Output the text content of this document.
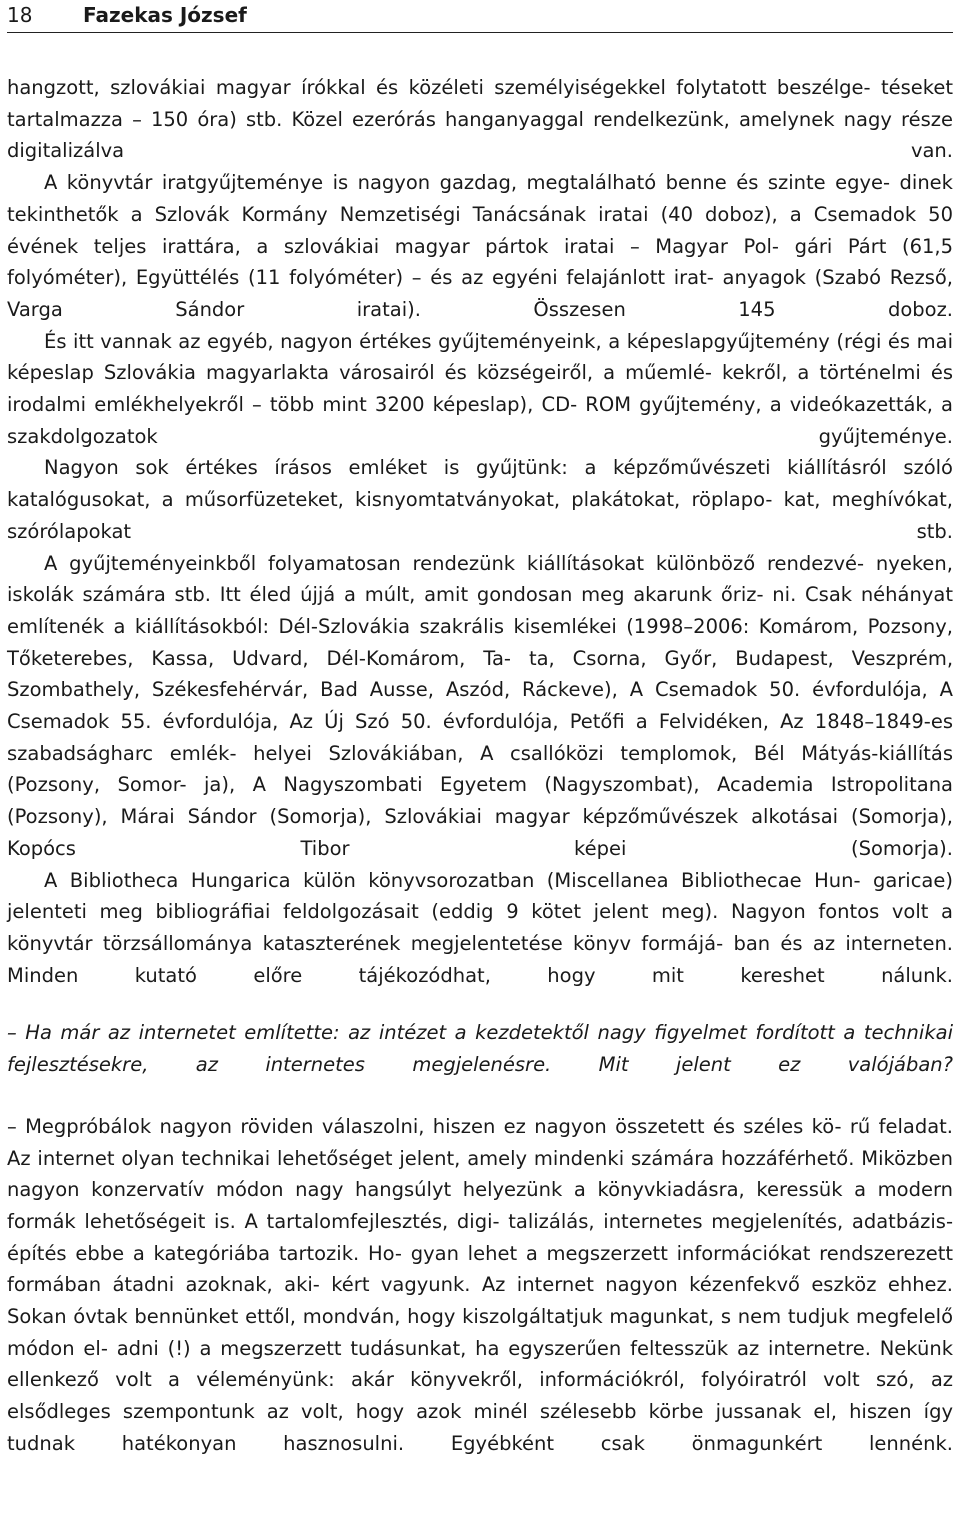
18	Fazekas József

hangzott, szlovákiai magyar írókkal és közéleti személyiségekkel folytatott beszélge- téseket tartalmazza – 150 óra) stb. Közel ezerórás hanganyaggal rendelkezünk, amelynek nagy része digitalizálva van.

A könyvtár iratgyűjteménye is nagyon gazdag, megtalálható benne és szinte egye- dinek tekinthetők a Szlovák Kormány Nemzetiségi Tanácsának iratai (40 doboz), a Csemadok 50 évének teljes irattára, a szlovákiai magyar pártok iratai – Magyar Pol- gári Párt (61,5 folyóméter), Együttélés (11 folyóméter) – és az egyéni felajánlott irat- anyagok (Szabó Rezső, Varga Sándor iratai). Összesen 145 doboz.

És itt vannak az egyéb, nagyon értékes gyűjteményeink, a képeslapgyűjtemény (régi és mai képeslap Szlovákia magyarlakta városairól és községeiről, a műemlé- kekről, a történelmi és irodalmi emlékhelyekről – több mint 3200 képeslap), CD- ROM gyűjtemény, a videókazetták, a szakdolgozatok gyűjteménye.

Nagyon sok értékes írásos emléket is gyűjtünk: a képzőművészeti kiállításról szóló katalógusokat, a műsorfüzeteket, kisnyomtatványokat, plakátokat, röplapo- kat, meghívókat, szórólapokat stb.

A gyűjteményeinkből folyamatosan rendezünk kiállításokat különböző rendezvé- nyeken, iskolák számára stb. Itt éled újjá a múlt, amit gondosan meg akarunk őriz- ni. Csak néhányat említenék a kiállításokból: Dél-Szlovákia szakrális kisemlékei (1998–2006: Komárom, Pozsony, Tőketerebes, Kassa, Udvard, Dél-Komárom, Ta- ta, Csorna, Győr, Budapest, Veszprém, Szombathely, Székesfehérvár, Bad Ausse, Aszód, Ráckeve), A Csemadok 50. évfordulója, A Csemadok 55. évfordulója, Az Új Szó 50. évfordulója, Petőfi a Felvidéken, Az 1848–1849-es szabadságharc emlék- helyei Szlovákiában, A csallóközi templomok, Bél Mátyás-kiállítás (Pozsony, Somor- ja), A Nagyszombati Egyetem (Nagyszombat), Academia Istropolitana (Pozsony), Márai Sándor (Somorja), Szlovákiai magyar képzőművészek alkotásai (Somorja), Kopócs Tibor képei (Somorja).

A Bibliotheca Hungarica külön könyvsorozatban (Miscellanea Bibliothecae Hun- garicae) jelenteti meg bibliográfiai feldolgozásait (eddig 9 kötet jelent meg). Nagyon fontos volt a könyvtár törzsállománya kataszterének megjelentetése könyv formájá- ban és az interneten. Minden kutató előre tájékozódhat, hogy mit kereshet nálunk.

– Ha már az internetet említette: az intézet a kezdetektől nagy figyelmet fordított a technikai fejlesztésekre, az internetes megjelenésre. Mit jelent ez valójában?

– Megpróbálok nagyon röviden válaszolni, hiszen ez nagyon összetett és széles kö- rű feladat. Az internet olyan technikai lehetőséget jelent, amely mindenki számára hozzáférhető. Miközben nagyon konzervatív módon nagy hangsúlyt helyezünk a könyvkiadásra, keressük a modern formák lehetőségeit is. A tartalomfejlesztés, digi- talizálás, internetes megjelenítés, adatbázis-építés ebbe a kategóriába tartozik. Ho- gyan lehet a megszerzett információkat rendszerezett formában átadni azoknak, aki- kért vagyunk. Az internet nagyon kézenfekvő eszköz ehhez. Sokan óvtak bennünket ettől, mondván, hogy kiszolgáltatjuk magunkat, s nem tudjuk megfelelő módon el- adni (!) a megszerzett tudásunkat, ha egyszerűen feltesszük az internetre. Nekünk ellenkező volt a véleményünk: akár könyvekről, információkról, folyóiratról volt szó, az elsődleges szempontunk az volt, hogy azok minél szélesebb körbe jussanak el, hiszen így tudnak hatékonyan hasznosulni. Egyébként csak önmagunkért lennénk.
